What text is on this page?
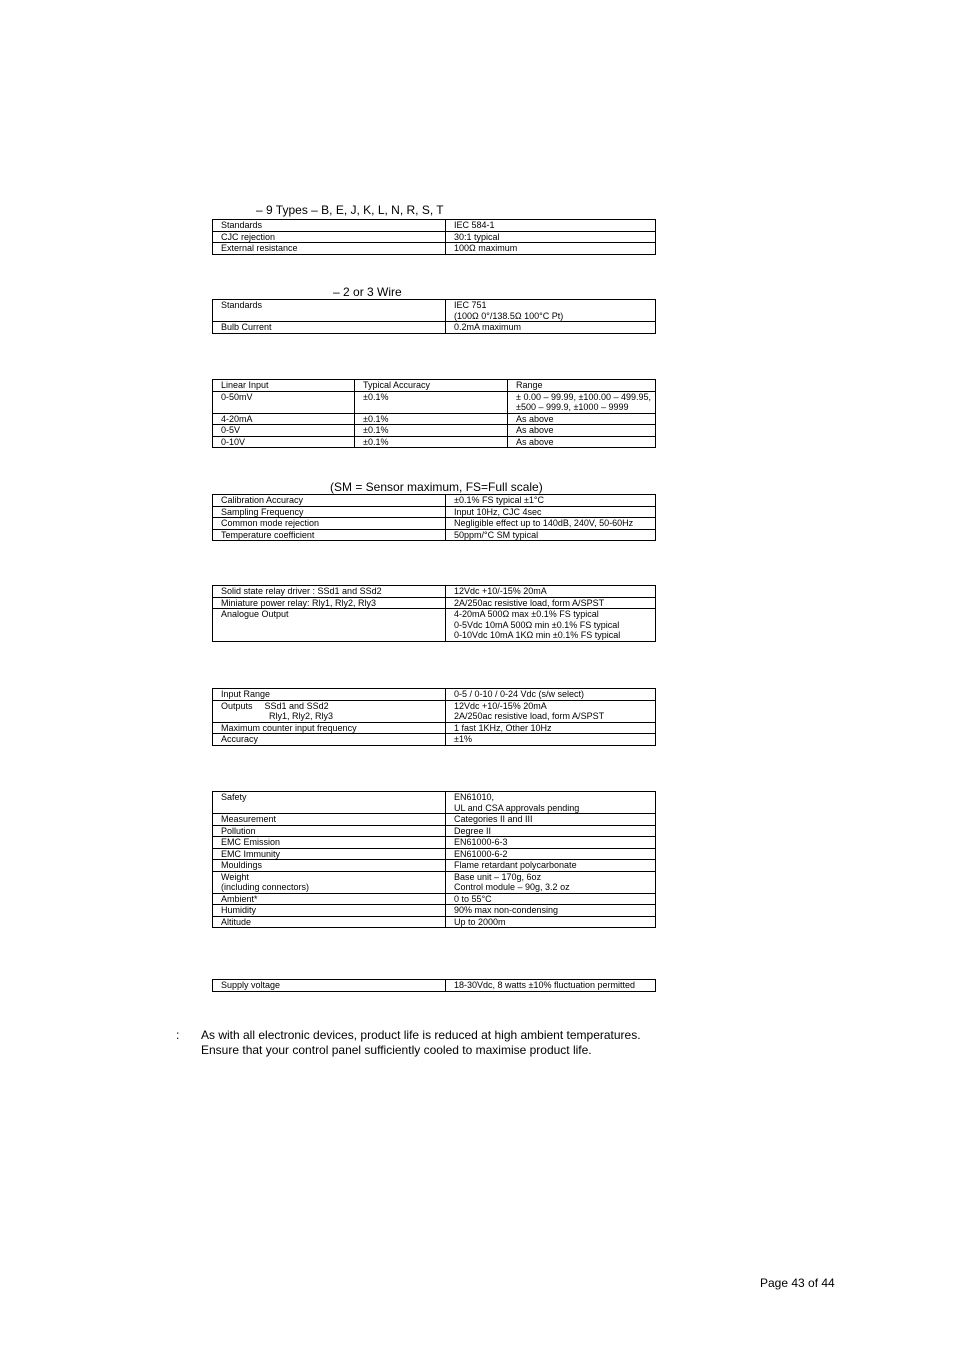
– 9 Types – B, E, J, K, L, N, R, S, T
Standards	IEC 584-1
CJC rejection	30:1 typical
External resistance	100Ω maximum
– 2 or 3 Wire
Standards	IEC 751
(100Ω 0°/138.5Ω 100°C Pt)

Bulb Current	0.2mA maximum
Linear Input	Typical Accuracy	Range
0-50mV	±0.1%	± 0.00 – 99.99, ±100.00 – 499.95,
±500 – 999.9, ±1000 – 9999

4-20mA	±0.1%	As above
0-5V	±0.1%	As above
0-10V	±0.1%	As above
(SM = Sensor maximum, FS=Full scale)
Calibration Accuracy	±0.1% FS typical ±1°C
Sampling Frequency	Input 10Hz, CJC 4sec
Common mode rejection	Negligible effect up to 140dB, 240V, 50-60Hz
Temperature coefficient	50ppm/°C SM typical
Solid state relay driver : SSd1 and SSd2	12Vdc +10/-15% 20mA
Miniature power relay: Rly1, Rly2, Rly3	2A/250ac resistive load, form A/SPST
Analogue Output	4-20mA 500Ω max ±0.1% FS typical
0-5Vdc 10mA 500Ω min ±0.1% FS typical
0-10Vdc 10mA 1KΩ min ±0.1% FS typical
Input Range	0-5 / 0-10 / 0-24 Vdc (s/w select)
Outputs SSd1 and SSd2
Rly1, Rly2, Rly3	12Vdc +10/-15% 20mA
2A/250ac resistive load, form A/SPST

Maximum counter input frequency	1 fast 1KHz, Other 10Hz
Accuracy	±1%
Safety	EN61010,
UL and CSA approvals pending

Measurement	Categories II and III
Pollution	Degree II
EMC Emission	EN61000-6-3
EMC Immunity	EN61000-6-2
Mouldings	Flame retardant polycarbonate

Weight
(including connectors)	Base unit – 170g, 6oz
Control module – 90g, 3.2 oz

Ambient*	0 to 55°C
Humidity	90% max non-condensing
Altitude	Up to 2000m
Supply voltage	18-30Vdc, 8 watts ±10% fluctuation permitted
: As with all electronic devices, product life is reduced at high ambient temperatures.
Ensure that your control panel sufficiently cooled to maximise product life.
Page 43 of 44
